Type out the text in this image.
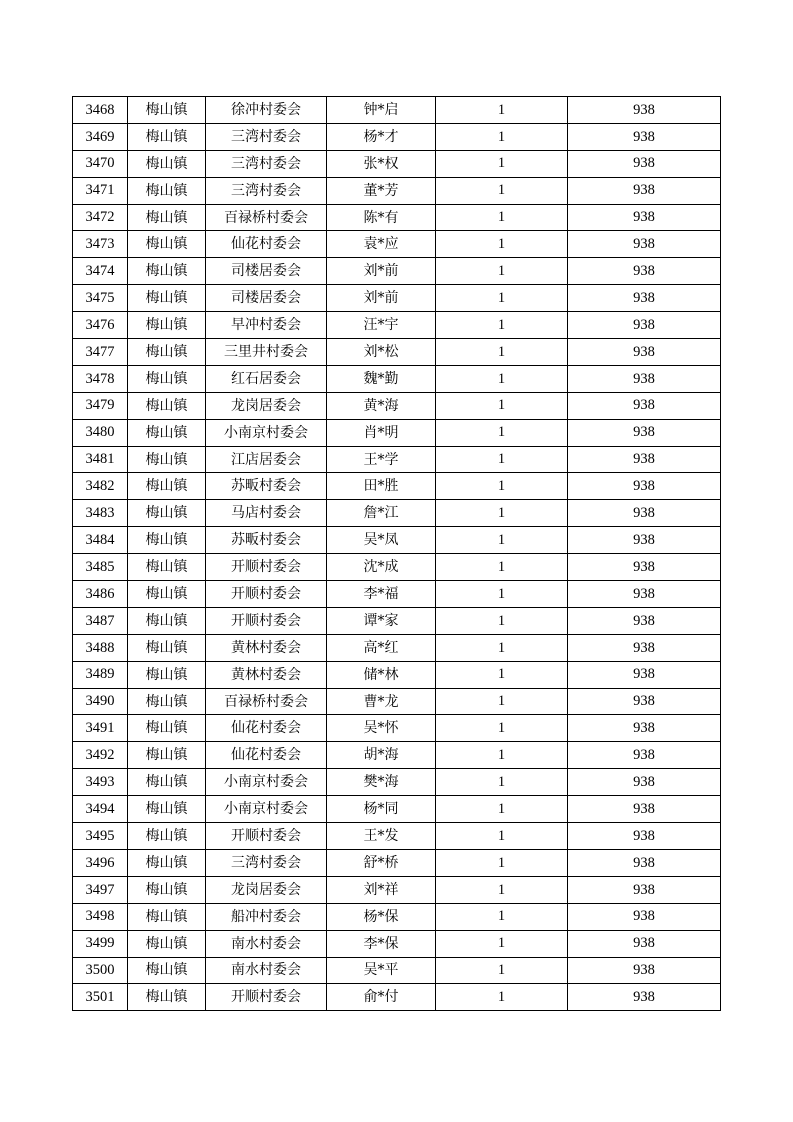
3468	梅山镇	徐冲村委会	钟*启	1	938
3469	梅山镇	三湾村委会	杨*才	1	938
3470	梅山镇	三湾村委会	张*权	1	938
3471	梅山镇	三湾村委会	董*芳	1	938
3472	梅山镇	百禄桥村委会	陈*有	1	938
3473	梅山镇	仙花村委会	袁*应	1	938
3474	梅山镇	司楼居委会	刘*前	1	938
3475	梅山镇	司楼居委会	刘*前	1	938
3476	梅山镇	早冲村委会	汪*宇	1	938
3477	梅山镇	三里井村委会	刘*松	1	938
3478	梅山镇	红石居委会	魏*勤	1	938
3479	梅山镇	龙岗居委会	黄*海	1	938
3480	梅山镇	小南京村委会	肖*明	1	938
3481	梅山镇	江店居委会	王*学	1	938
3482	梅山镇	苏畈村委会	田*胜	1	938
3483	梅山镇	马店村委会	詹*江	1	938
3484	梅山镇	苏畈村委会	吴*凤	1	938
3485	梅山镇	开顺村委会	沈*成	1	938
3486	梅山镇	开顺村委会	李*福	1	938
3487	梅山镇	开顺村委会	谭*家	1	938
3488	梅山镇	黄林村委会	高*红	1	938
3489	梅山镇	黄林村委会	储*林	1	938
3490	梅山镇	百禄桥村委会	曹*龙	1	938
3491	梅山镇	仙花村委会	吴*怀	1	938
3492	梅山镇	仙花村委会	胡*海	1	938
3493	梅山镇	小南京村委会	樊*海	1	938
3494	梅山镇	小南京村委会	杨*同	1	938
3495	梅山镇	开顺村委会	王*发	1	938
3496	梅山镇	三湾村委会	舒*桥	1	938
3497	梅山镇	龙岗居委会	刘*祥	1	938
3498	梅山镇	船冲村委会	杨*保	1	938
3499	梅山镇	南水村委会	李*保	1	938
3500	梅山镇	南水村委会	吴*平	1	938
3501	梅山镇	开顺村委会	俞*付	1	938
